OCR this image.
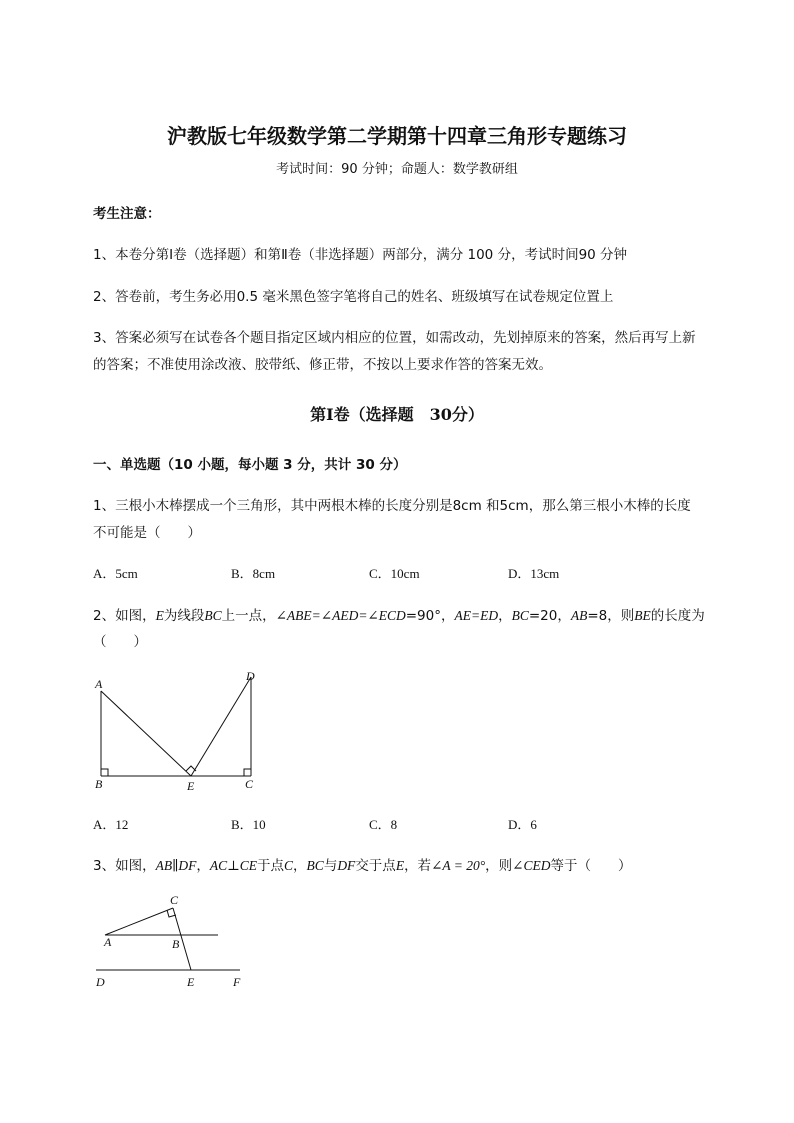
沪教版七年级数学第二学期第十四章三角形专题练习
考试时间：90 分钟；命题人：数学教研组
考生注意：
1、本卷分第Ⅰ卷（选择题）和第Ⅱ卷（非选择题）两部分，满分 100 分，考试时间90 分钟
2、答卷前，考生务必用0.5 毫米黑色签字笔将自己的姓名、班级填写在试卷规定位置上
3、答案必须写在试卷各个题目指定区域内相应的位置，如需改动，先划掉原来的答案，然后再写上新
的答案；不准使用涂改液、胶带纸、修正带，不按以上要求作答的答案无效。
第Ⅰ卷（选择题　30分）
一、单选题（10 小题，每小题 3 分，共计 30 分）
1、三根小木棒摆成一个三角形，其中两根木棒的长度分别是8cm 和5cm，那么第三根小木棒的长度
不可能是（　　）
A．5cm	B．8cm	C．10cm	D．13cm
2、如图，E为线段BC上一点，∠ABE=∠AED=∠ECD=90°，AE=ED，BC=20，AB=8，则BE的长度为
（　　）
A
B	E	C
D
A．12	B．10	C．8	D．6
3、如图，AB∥DF，AC⊥CE于点C，BC与DF交于点E，若∠A = 20°，则∠CED等于（　　）
C
A	B
D	E	F
